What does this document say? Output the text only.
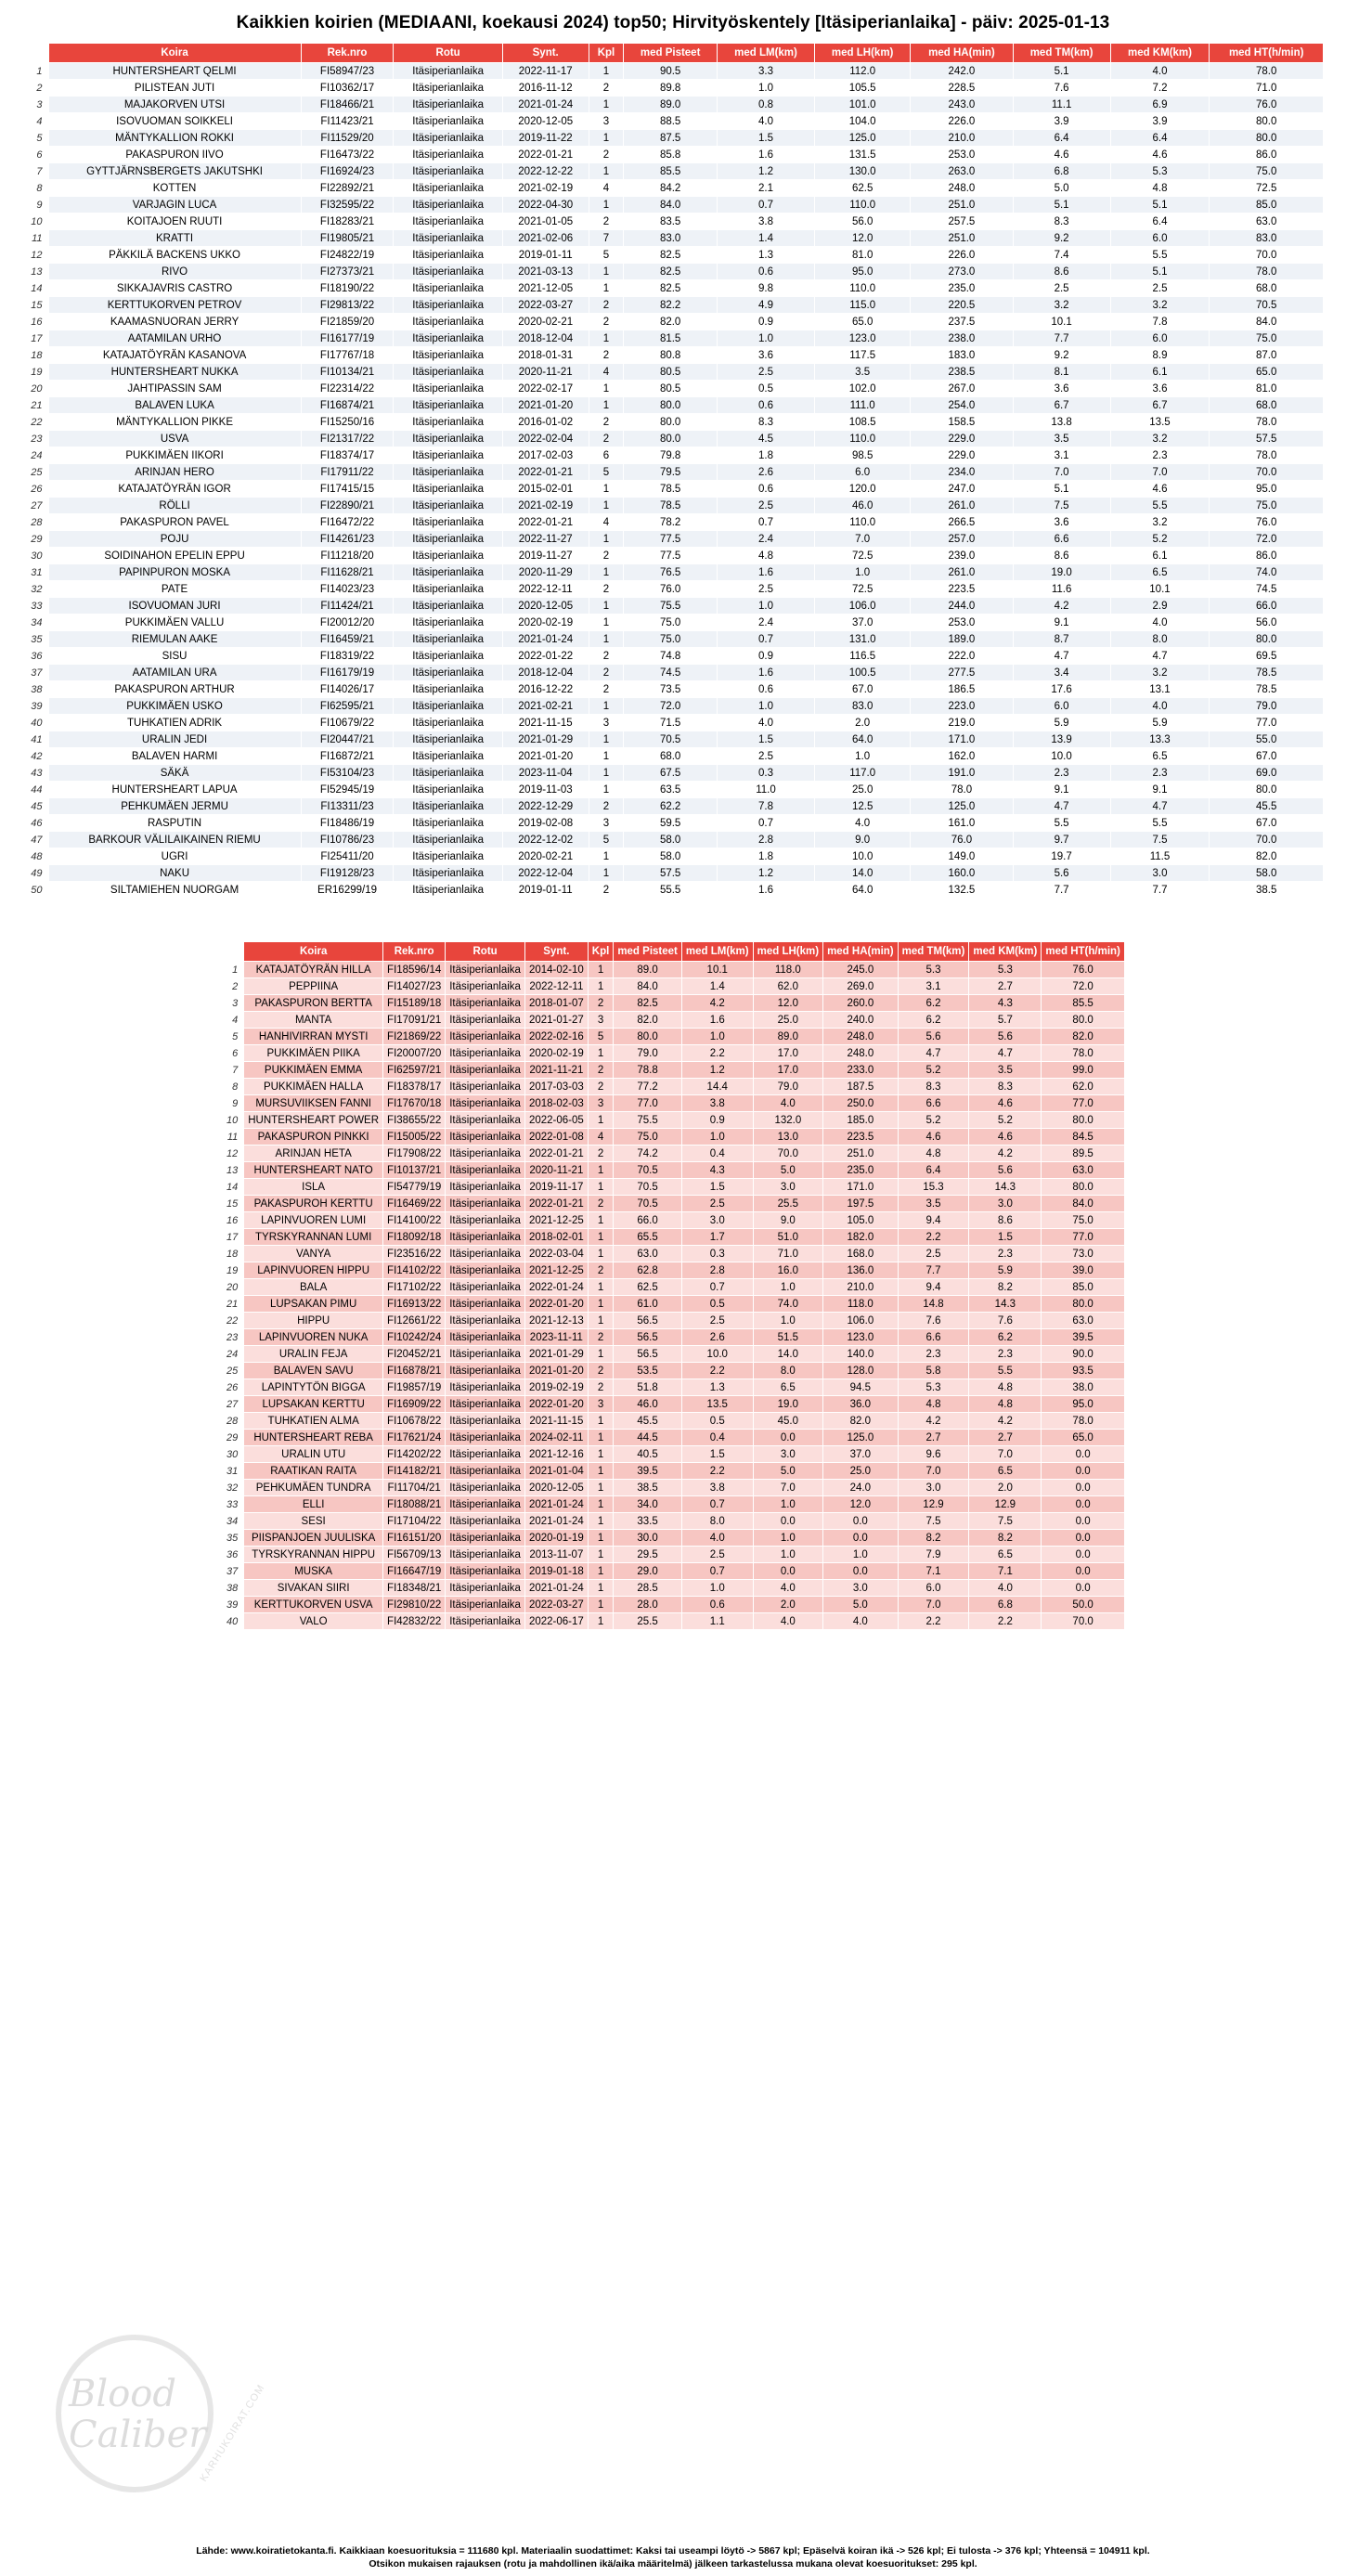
Kaikkien koirien (MEDIAANI, koekausi 2024) top50; Hirvityöskentely [Itäsiperianlaika] - päiv: 2025-01-13
	Koira	Rek.nro	Rotu	Synt.	Kpl	med Pisteet	med LM(km)	med LH(km)	med HA(min)	med TM(km)	med KM(km)	med HT(h/min)
1	HUNTERSHEART QELMI	FI58947/23	Itäsiperianlaika	2022-11-17	1	90.5	3.3	112.0	242.0	5.1	4.0	78.0
2	PILISTEAN JUTI	FI10362/17	Itäsiperianlaika	2016-11-12	2	89.8	1.0	105.5	228.5	7.6	7.2	71.0
3	MAJAKORVEN UTSI	FI18466/21	Itäsiperianlaika	2021-01-24	1	89.0	0.8	101.0	243.0	11.1	6.9	76.0
4	ISOVUOMAN SOIKKELI	FI11423/21	Itäsiperianlaika	2020-12-05	3	88.5	4.0	104.0	226.0	3.9	3.9	80.0
5	MÄNTYKALLION ROKKI	FI11529/20	Itäsiperianlaika	2019-11-22	1	87.5	1.5	125.0	210.0	6.4	6.4	80.0
6	PAKASPURON IIVO	FI16473/22	Itäsiperianlaika	2022-01-21	2	85.8	1.6	131.5	253.0	4.6	4.6	86.0
7	GYTTJÄRNSBERGETS JAKUTSHKI	FI16924/23	Itäsiperianlaika	2022-12-22	1	85.5	1.2	130.0	263.0	6.8	5.3	75.0
8	KOTTEN	FI22892/21	Itäsiperianlaika	2021-02-19	4	84.2	2.1	62.5	248.0	5.0	4.8	72.5
9	VARJAGIN LUCA	FI32595/22	Itäsiperianlaika	2022-04-30	1	84.0	0.7	110.0	251.0	5.1	5.1	85.0
10	KOITAJOEN RUUTI	FI18283/21	Itäsiperianlaika	2021-01-05	2	83.5	3.8	56.0	257.5	8.3	6.4	63.0
11	KRATTI	FI19805/21	Itäsiperianlaika	2021-02-06	7	83.0	1.4	12.0	251.0	9.2	6.0	83.0
12	PÄKKILÄ BACKENS UKKO	FI24822/19	Itäsiperianlaika	2019-01-11	5	82.5	1.3	81.0	226.0	7.4	5.5	70.0
13	RIVO	FI27373/21	Itäsiperianlaika	2021-03-13	1	82.5	0.6	95.0	273.0	8.6	5.1	78.0
14	SIKKAJAVRIS CASTRO	FI18190/22	Itäsiperianlaika	2021-12-05	1	82.5	9.8	110.0	235.0	2.5	2.5	68.0
15	KERTTUKORVEN PETROV	FI29813/22	Itäsiperianlaika	2022-03-27	2	82.2	4.9	115.0	220.5	3.2	3.2	70.5
16	KAAMASNUORAN JERRY	FI21859/20	Itäsiperianlaika	2020-02-21	2	82.0	0.9	65.0	237.5	10.1	7.8	84.0
17	AATAMILAN URHO	FI16177/19	Itäsiperianlaika	2018-12-04	1	81.5	1.0	123.0	238.0	7.7	6.0	75.0
18	KATAJATÖYRÄN KASANOVA	FI17767/18	Itäsiperianlaika	2018-01-31	2	80.8	3.6	117.5	183.0	9.2	8.9	87.0
19	HUNTERSHEART NUKKA	FI10134/21	Itäsiperianlaika	2020-11-21	4	80.5	2.5	3.5	238.5	8.1	6.1	65.0
20	JAHTIPASSIN SAM	FI22314/22	Itäsiperianlaika	2022-02-17	1	80.5	0.5	102.0	267.0	3.6	3.6	81.0
21	BALAVEN LUKA	FI16874/21	Itäsiperianlaika	2021-01-20	1	80.0	0.6	111.0	254.0	6.7	6.7	68.0
22	MÄNTYKALLION PIKKE	FI15250/16	Itäsiperianlaika	2016-01-02	2	80.0	8.3	108.5	158.5	13.8	13.5	78.0
23	USVA	FI21317/22	Itäsiperianlaika	2022-02-04	2	80.0	4.5	110.0	229.0	3.5	3.2	57.5
24	PUKKIMÄEN IIKORI	FI18374/17	Itäsiperianlaika	2017-02-03	6	79.8	1.8	98.5	229.0	3.1	2.3	78.0
25	ARINJAN HERO	FI17911/22	Itäsiperianlaika	2022-01-21	5	79.5	2.6	6.0	234.0	7.0	7.0	70.0
26	KATAJATÖYRÄN IGOR	FI17415/15	Itäsiperianlaika	2015-02-01	1	78.5	0.6	120.0	247.0	5.1	4.6	95.0
27	RÖLLI	FI22890/21	Itäsiperianlaika	2021-02-19	1	78.5	2.5	46.0	261.0	7.5	5.5	75.0
28	PAKASPURON PAVEL	FI16472/22	Itäsiperianlaika	2022-01-21	4	78.2	0.7	110.0	266.5	3.6	3.2	76.0
29	POJU	FI14261/23	Itäsiperianlaika	2022-11-27	1	77.5	2.4	7.0	257.0	6.6	5.2	72.0
30	SOIDINAHON EPELIN EPPU	FI11218/20	Itäsiperianlaika	2019-11-27	2	77.5	4.8	72.5	239.0	8.6	6.1	86.0
31	PAPINPURON MOSKA	FI11628/21	Itäsiperianlaika	2020-11-29	1	76.5	1.6	1.0	261.0	19.0	6.5	74.0
32	PATE	FI14023/23	Itäsiperianlaika	2022-12-11	2	76.0	2.5	72.5	223.5	11.6	10.1	74.5
33	ISOVUOMAN JURI	FI11424/21	Itäsiperianlaika	2020-12-05	1	75.5	1.0	106.0	244.0	4.2	2.9	66.0
34	PUKKIMÄEN VALLU	FI20012/20	Itäsiperianlaika	2020-02-19	1	75.0	2.4	37.0	253.0	9.1	4.0	56.0
35	RIEMULAN AAKE	FI16459/21	Itäsiperianlaika	2021-01-24	1	75.0	0.7	131.0	189.0	8.7	8.0	80.0
36	SISU	FI18319/22	Itäsiperianlaika	2022-01-22	2	74.8	0.9	116.5	222.0	4.7	4.7	69.5
37	AATAMILAN URA	FI16179/19	Itäsiperianlaika	2018-12-04	2	74.5	1.6	100.5	277.5	3.4	3.2	78.5
38	PAKASPURON ARTHUR	FI14026/17	Itäsiperianlaika	2016-12-22	2	73.5	0.6	67.0	186.5	17.6	13.1	78.5
39	PUKKIMÄEN USKO	FI62595/21	Itäsiperianlaika	2021-02-21	1	72.0	1.0	83.0	223.0	6.0	4.0	79.0
40	TUHKATIEN ADRIK	FI10679/22	Itäsiperianlaika	2021-11-15	3	71.5	4.0	2.0	219.0	5.9	5.9	77.0
41	URALIN JEDI	FI20447/21	Itäsiperianlaika	2021-01-29	1	70.5	1.5	64.0	171.0	13.9	13.3	55.0
42	BALAVEN HARMI	FI16872/21	Itäsiperianlaika	2021-01-20	1	68.0	2.5	1.0	162.0	10.0	6.5	67.0
43	SÄKÄ	FI53104/23	Itäsiperianlaika	2023-11-04	1	67.5	0.3	117.0	191.0	2.3	2.3	69.0
44	HUNTERSHEART LAPUA	FI52945/19	Itäsiperianlaika	2019-11-03	1	63.5	11.0	25.0	78.0	9.1	9.1	80.0
45	PEHKUMÄEN JERMU	FI13311/23	Itäsiperianlaika	2022-12-29	2	62.2	7.8	12.5	125.0	4.7	4.7	45.5
46	RASPUTIN	FI18486/19	Itäsiperianlaika	2019-02-08	3	59.5	0.7	4.0	161.0	5.5	5.5	67.0
47	BARKOUR VÄLILAIKAINEN RIEMU	FI10786/23	Itäsiperianlaika	2022-12-02	5	58.0	2.8	9.0	76.0	9.7	7.5	70.0
48	UGRI	FI25411/20	Itäsiperianlaika	2020-02-21	1	58.0	1.8	10.0	149.0	19.7	11.5	82.0
49	NAKU	FI19128/23	Itäsiperianlaika	2022-12-04	1	57.5	1.2	14.0	160.0	5.6	3.0	58.0
50	SILTAMIEHEN NUORGAM	ER16299/19	Itäsiperianlaika	2019-01-11	2	55.5	1.6	64.0	132.5	7.7	7.7	38.5
	Koira	Rek.nro	Rotu	Synt.	Kpl	med Pisteet	med LM(km)	med LH(km)	med HA(min)	med TM(km)	med KM(km)	med HT(h/min)
1	KATAJATÖYRÄN HILLA	FI18596/14	Itäsiperianlaika	2014-02-10	1	89.0	10.1	118.0	245.0	5.3	5.3	76.0
2	PEPPIINA	FI14027/23	Itäsiperianlaika	2022-12-11	1	84.0	1.4	62.0	269.0	3.1	2.7	72.0
3	PAKASPURON BERTTA	FI15189/18	Itäsiperianlaika	2018-01-07	2	82.5	4.2	12.0	260.0	6.2	4.3	85.5
4	MANTA	FI17091/21	Itäsiperianlaika	2021-01-27	3	82.0	1.6	25.0	240.0	6.2	5.7	80.0
5	HANHIVIRRAN MYSTI	FI21869/22	Itäsiperianlaika	2022-02-16	5	80.0	1.0	89.0	248.0	5.6	5.6	82.0
6	PUKKIMÄEN PIIKA	FI20007/20	Itäsiperianlaika	2020-02-19	1	79.0	2.2	17.0	248.0	4.7	4.7	78.0
7	PUKKIMÄEN EMMA	FI62597/21	Itäsiperianlaika	2021-11-21	2	78.8	1.2	17.0	233.0	5.2	3.5	99.0
8	PUKKIMÄEN HALLA	FI18378/17	Itäsiperianlaika	2017-03-03	2	77.2	14.4	79.0	187.5	8.3	8.3	62.0
9	MURSUVIIKSEN FANNI	FI17670/18	Itäsiperianlaika	2018-02-03	3	77.0	3.8	4.0	250.0	6.6	4.6	77.0
10	HUNTERSHEART POWER	FI38655/22	Itäsiperianlaika	2022-06-05	1	75.5	0.9	132.0	185.0	5.2	5.2	80.0
11	PAKASPURON PINKKI	FI15005/22	Itäsiperianlaika	2022-01-08	4	75.0	1.0	13.0	223.5	4.6	4.6	84.5
12	ARINJAN HETA	FI17908/22	Itäsiperianlaika	2022-01-21	2	74.2	0.4	70.0	251.0	4.8	4.2	89.5
13	HUNTERSHEART NATO	FI10137/21	Itäsiperianlaika	2020-11-21	1	70.5	4.3	5.0	235.0	6.4	5.6	63.0
14	ISLA	FI54779/19	Itäsiperianlaika	2019-11-17	1	70.5	1.5	3.0	171.0	15.3	14.3	80.0
15	PAKASPUROH KERTTU	FI16469/22	Itäsiperianlaika	2022-01-21	2	70.5	2.5	25.5	197.5	3.5	3.0	84.0
16	LAPINVUOREN LUMI	FI14100/22	Itäsiperianlaika	2021-12-25	1	66.0	3.0	9.0	105.0	9.4	8.6	75.0
17	TYRSKYRANNAN LUMI	FI18092/18	Itäsiperianlaika	2018-02-01	1	65.5	1.7	51.0	182.0	2.2	1.5	77.0
18	VANYA	FI23516/22	Itäsiperianlaika	2022-03-04	1	63.0	0.3	71.0	168.0	2.5	2.3	73.0
19	LAPINVUOREN HIPPU	FI14102/22	Itäsiperianlaika	2021-12-25	2	62.8	2.8	16.0	136.0	7.7	5.9	39.0
20	BALA	FI17102/22	Itäsiperianlaika	2022-01-24	1	62.5	0.7	1.0	210.0	9.4	8.2	85.0
21	LUPSAKAN PIMU	FI16913/22	Itäsiperianlaika	2022-01-20	1	61.0	0.5	74.0	118.0	14.8	14.3	80.0
22	HIPPU	FI12661/22	Itäsiperianlaika	2021-12-13	1	56.5	2.5	1.0	106.0	7.6	7.6	63.0
23	LAPINVUOREN NUKA	FI10242/24	Itäsiperianlaika	2023-11-11	2	56.5	2.6	51.5	123.0	6.6	6.2	39.5
24	URALIN FEJA	FI20452/21	Itäsiperianlaika	2021-01-29	1	56.5	10.0	14.0	140.0	2.3	2.3	90.0
25	BALAVEN SAVU	FI16878/21	Itäsiperianlaika	2021-01-20	2	53.5	2.2	8.0	128.0	5.8	5.5	93.5
26	LAPINTYTÖN BIGGA	FI19857/19	Itäsiperianlaika	2019-02-19	2	51.8	1.3	6.5	94.5	5.3	4.8	38.0
27	LUPSAKAN KERTTU	FI16909/22	Itäsiperianlaika	2022-01-20	3	46.0	13.5	19.0	36.0	4.8	4.8	95.0
28	TUHKATIEN ALMA	FI10678/22	Itäsiperianlaika	2021-11-15	1	45.5	0.5	45.0	82.0	4.2	4.2	78.0
29	HUNTERSHEART REBA	FI17621/24	Itäsiperianlaika	2024-02-11	1	44.5	0.4	0.0	125.0	2.7	2.7	65.0
30	URALIN UTU	FI14202/22	Itäsiperianlaika	2021-12-16	1	40.5	1.5	3.0	37.0	9.6	7.0	0.0
31	RAATIKAN RAITA	FI14182/21	Itäsiperianlaika	2021-01-04	1	39.5	2.2	5.0	25.0	7.0	6.5	0.0
32	PEHKUMÄEN TUNDRA	FI11704/21	Itäsiperianlaika	2020-12-05	1	38.5	3.8	7.0	24.0	3.0	2.0	0.0
33	ELLI	FI18088/21	Itäsiperianlaika	2021-01-24	1	34.0	0.7	1.0	12.0	12.9	12.9	0.0
34	SESI	FI17104/22	Itäsiperianlaika	2021-01-24	1	33.5	8.0	0.0	0.0	7.5	7.5	0.0
35	PIISPANJOEN JUULISKA	FI16151/20	Itäsiperianlaika	2020-01-19	1	30.0	4.0	1.0	0.0	8.2	8.2	0.0
36	TYRSKYRANNAN HIPPU	FI56709/13	Itäsiperianlaika	2013-11-07	1	29.5	2.5	1.0	1.0	7.9	6.5	0.0
37	MUSKA	FI16647/19	Itäsiperianlaika	2019-01-18	1	29.0	0.7	0.0	0.0	7.1	7.1	0.0
38	SIVAKAN SIIRI	FI18348/21	Itäsiperianlaika	2021-01-24	1	28.5	1.0	4.0	3.0	6.0	4.0	0.0
39	KERTTUKORVEN USVA	FI29810/22	Itäsiperianlaika	2022-03-27	1	28.0	0.6	2.0	5.0	7.0	6.8	50.0
40	VALO	FI42832/22	Itäsiperianlaika	2022-06-17	1	25.5	1.1	4.0	4.0	2.2	2.2	70.0
Blood
Caliber
KARHUKOIRAT.COM
Lähde: www.koiratietokanta.fi. Kaikkiaan koesuorituksia = 111680 kpl. Materiaalin suodattimet: Kaksi tai useampi löytö -> 5867 kpl; Epäselvä koiran ikä -> 526 kpl; Ei tulosta -> 376 kpl; Yhteensä = 104911 kpl.
Otsikon mukaisen rajauksen (rotu ja mahdollinen ikä/aika määritelmä) jälkeen tarkastelussa mukana olevat koesuoritukset: 295 kpl.
